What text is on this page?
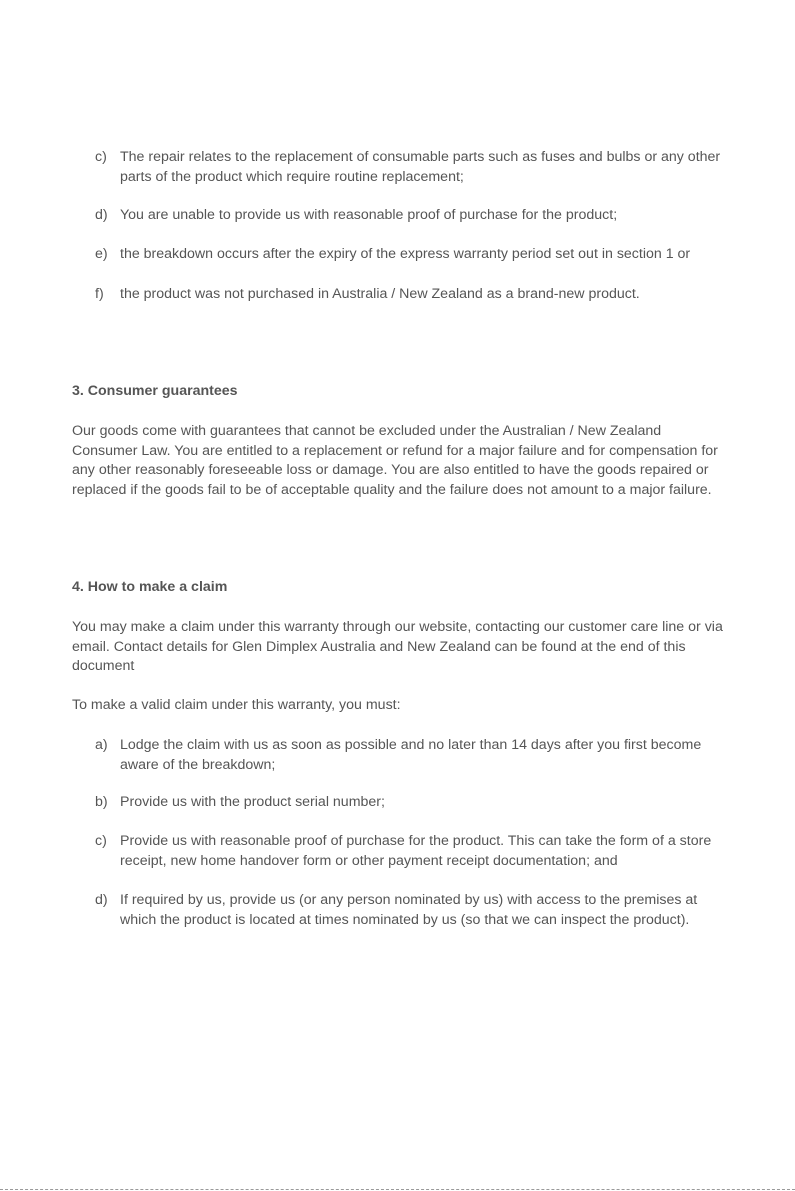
c) The repair relates to the replacement of consumable parts such as fuses and bulbs or any other parts of the product which require routine replacement;
d) You are unable to provide us with reasonable proof of purchase for the product;
e) the breakdown occurs after the expiry of the express warranty period set out in section 1 or
f)	the product was not purchased in Australia / New Zealand as a brand-new product.
3. Consumer guarantees

Our goods come with guarantees that cannot be excluded under the Australian / New Zealand Consumer Law. You are entitled to a replacement or refund for a major failure and for compensation for any other reasonably foreseeable loss or damage. You are also entitled to have the goods repaired or replaced if the goods fail to be of acceptable quality and the failure does not amount to a major failure.

4. How to make a claim

You may make a claim under this warranty through our website, contacting our customer care line or via email. Contact details for Glen Dimplex Australia and New Zealand can be found at the end of this document

To make a valid claim under this warranty, you must:

a) Lodge the claim with us as soon as possible and no later than 14 days after you first become aware of the breakdown;
b) Provide us with the product serial number;
c) Provide us with reasonable proof of purchase for the product. This can take the form of a store receipt, new home handover form or other payment receipt documentation; and
d) If required by us, provide us (or any person nominated by us) with access to the premises at which the product is located at times nominated by us (so that we can inspect the product).
